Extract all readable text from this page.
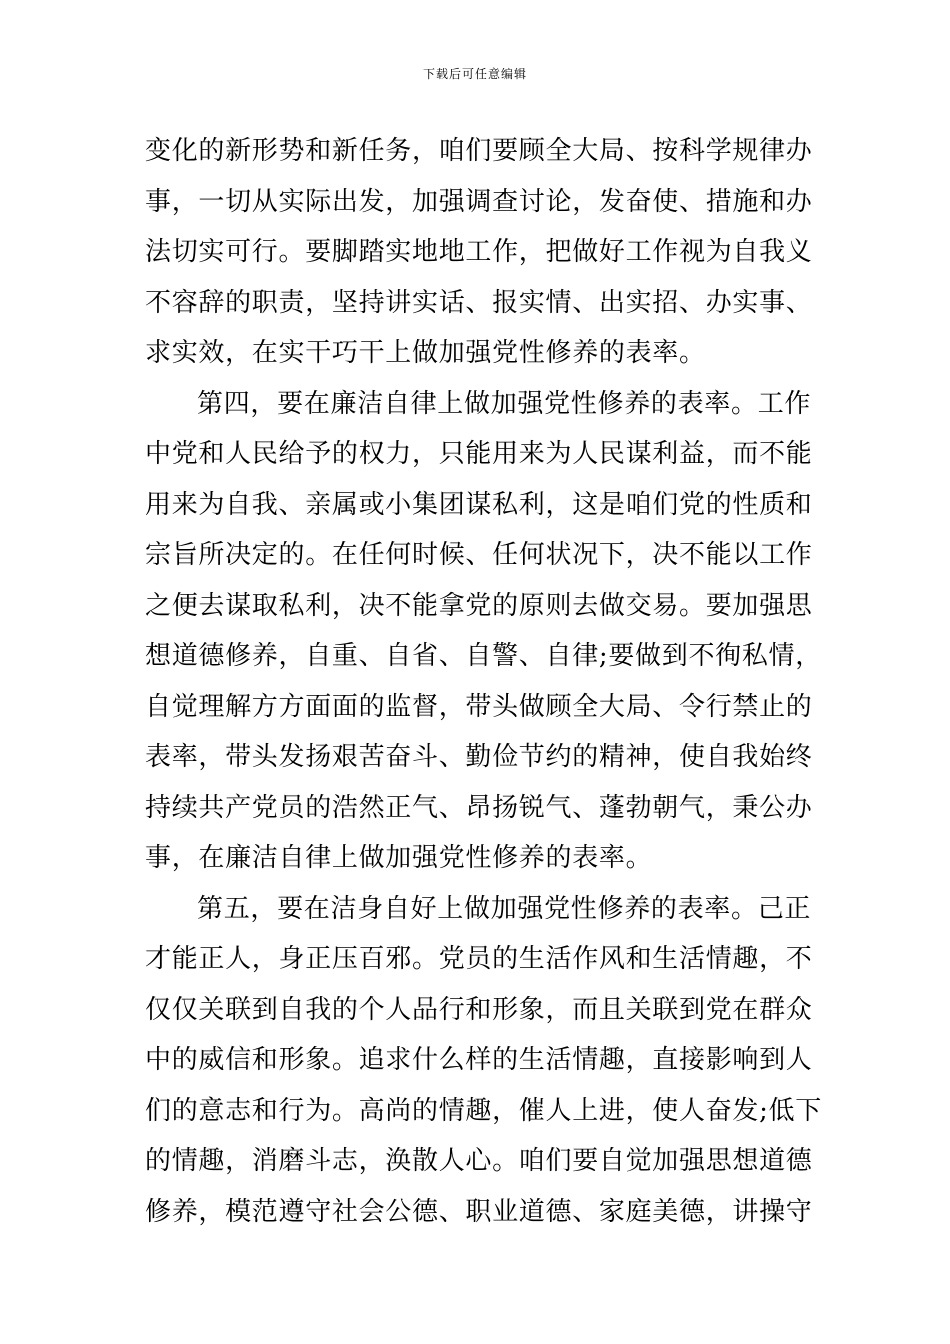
下载后可任意编辑
变化的新形势和新任务，咱们要顾全大局、按科学规律办
事，一切从实际出发，加强调查讨论，发奋使、措施和办
法切实可行。要脚踏实地地工作，把做好工作视为自我义
不容辞的职责，坚持讲实话、报实情、出实招、办实事、
求实效，在实干巧干上做加强党性修养的表率。
第四，要在廉洁自律上做加强党性修养的表率。工作
中党和人民给予的权力，只能用来为人民谋利益，而不能
用来为自我、亲属或小集团谋私利，这是咱们党的性质和
宗旨所决定的。在任何时候、任何状况下，决不能以工作
之便去谋取私利，决不能拿党的原则去做交易。要加强思
想道德修养，自重、自省、自警、自律;要做到不徇私情，
自觉理解方方面面的监督，带头做顾全大局、令行禁止的
表率，带头发扬艰苦奋斗、勤俭节约的精神，使自我始终
持续共产党员的浩然正气、昂扬锐气、蓬勃朝气，秉公办
事，在廉洁自律上做加强党性修养的表率。
第五，要在洁身自好上做加强党性修养的表率。己正
才能正人，身正压百邪。党员的生活作风和生活情趣，不
仅仅关联到自我的个人品行和形象，而且关联到党在群众
中的威信和形象。追求什么样的生活情趣，直接影响到人
们的意志和行为。高尚的情趣，催人上进，使人奋发;低下
的情趣，消磨斗志，涣散人心。咱们要自觉加强思想道德
修养，模范遵守社会公德、职业道德、家庭美德，讲操守
